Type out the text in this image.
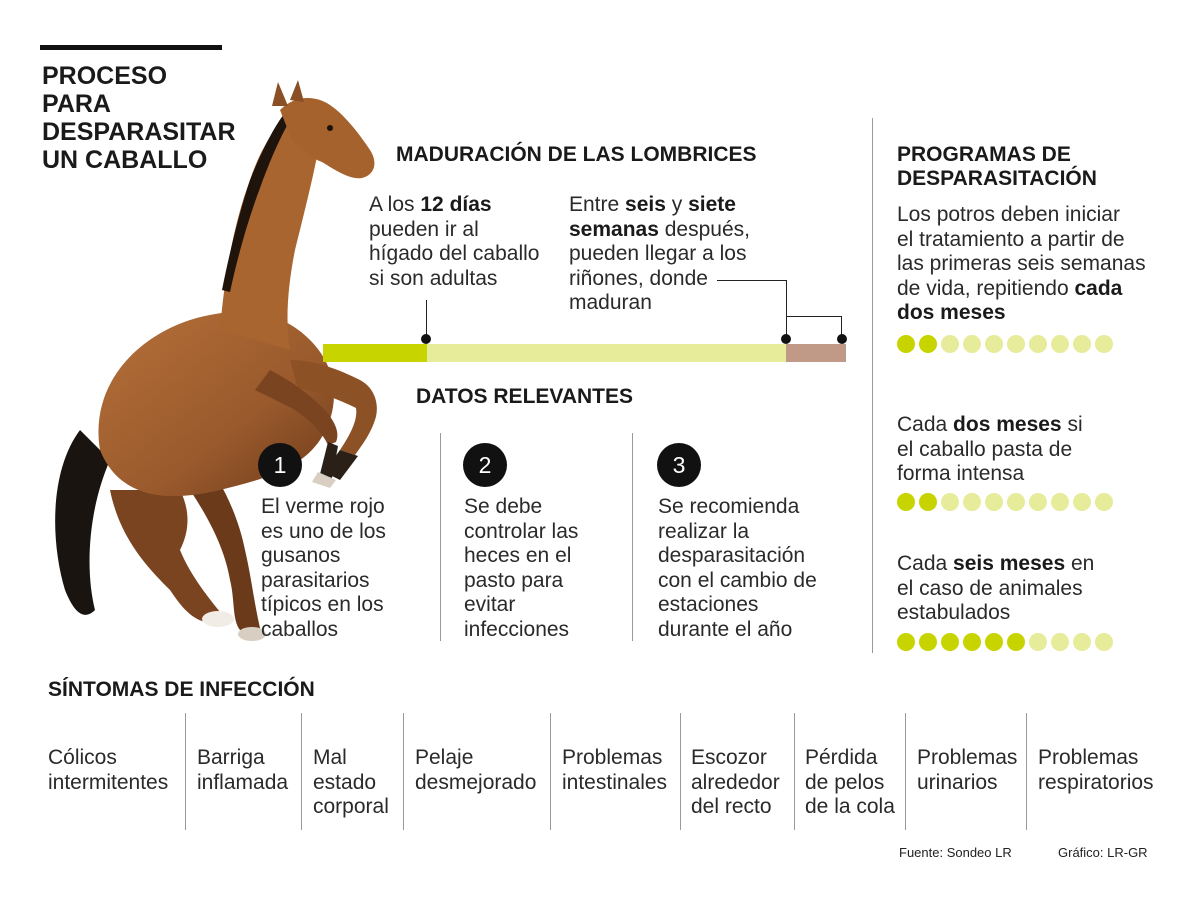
PROCESO PARA
DESPARASITAR
UN CABALLO	MADURACIÓN DE LAS LOMBRICES
A los 12 días
pueden ir al
hígado del caballo
si son adultas
Entre seis y siete
semanas después,
pueden llegar a los
riñones, donde
maduran
DATOS RELEVANTES
1	2	3
El verme rojo
es uno de los
gusanos
parasitarios
típicos en los
caballos
Se debe
controlar las
heces en el
pasto para
evitar
infecciones
Se recomienda
realizar la
desparasitación
con el cambio de
estaciones
durante el año
PROGRAMAS DE
DESPARASITACIÓN
Los potros deben iniciar
el tratamiento a partir de
las primeras seis semanas
de vida, repitiendo cada
dos meses
Cada dos meses si
el caballo pasta de
forma intensa
Cada seis meses en
el caso de animales
estabulados
SÍNTOMAS DE INFECCIÓN
Cólicos
intermitentes
Barriga
inflamada
Mal
estado
corporal
Pelaje
desmejorado
Problemas
intestinales
Escozor
alrededor
del recto
Pérdida
de pelos
de la cola
Problemas
urinarios
Problemas
respiratorios
Fuente: Sondeo LR	Gráfico: LR-GR
